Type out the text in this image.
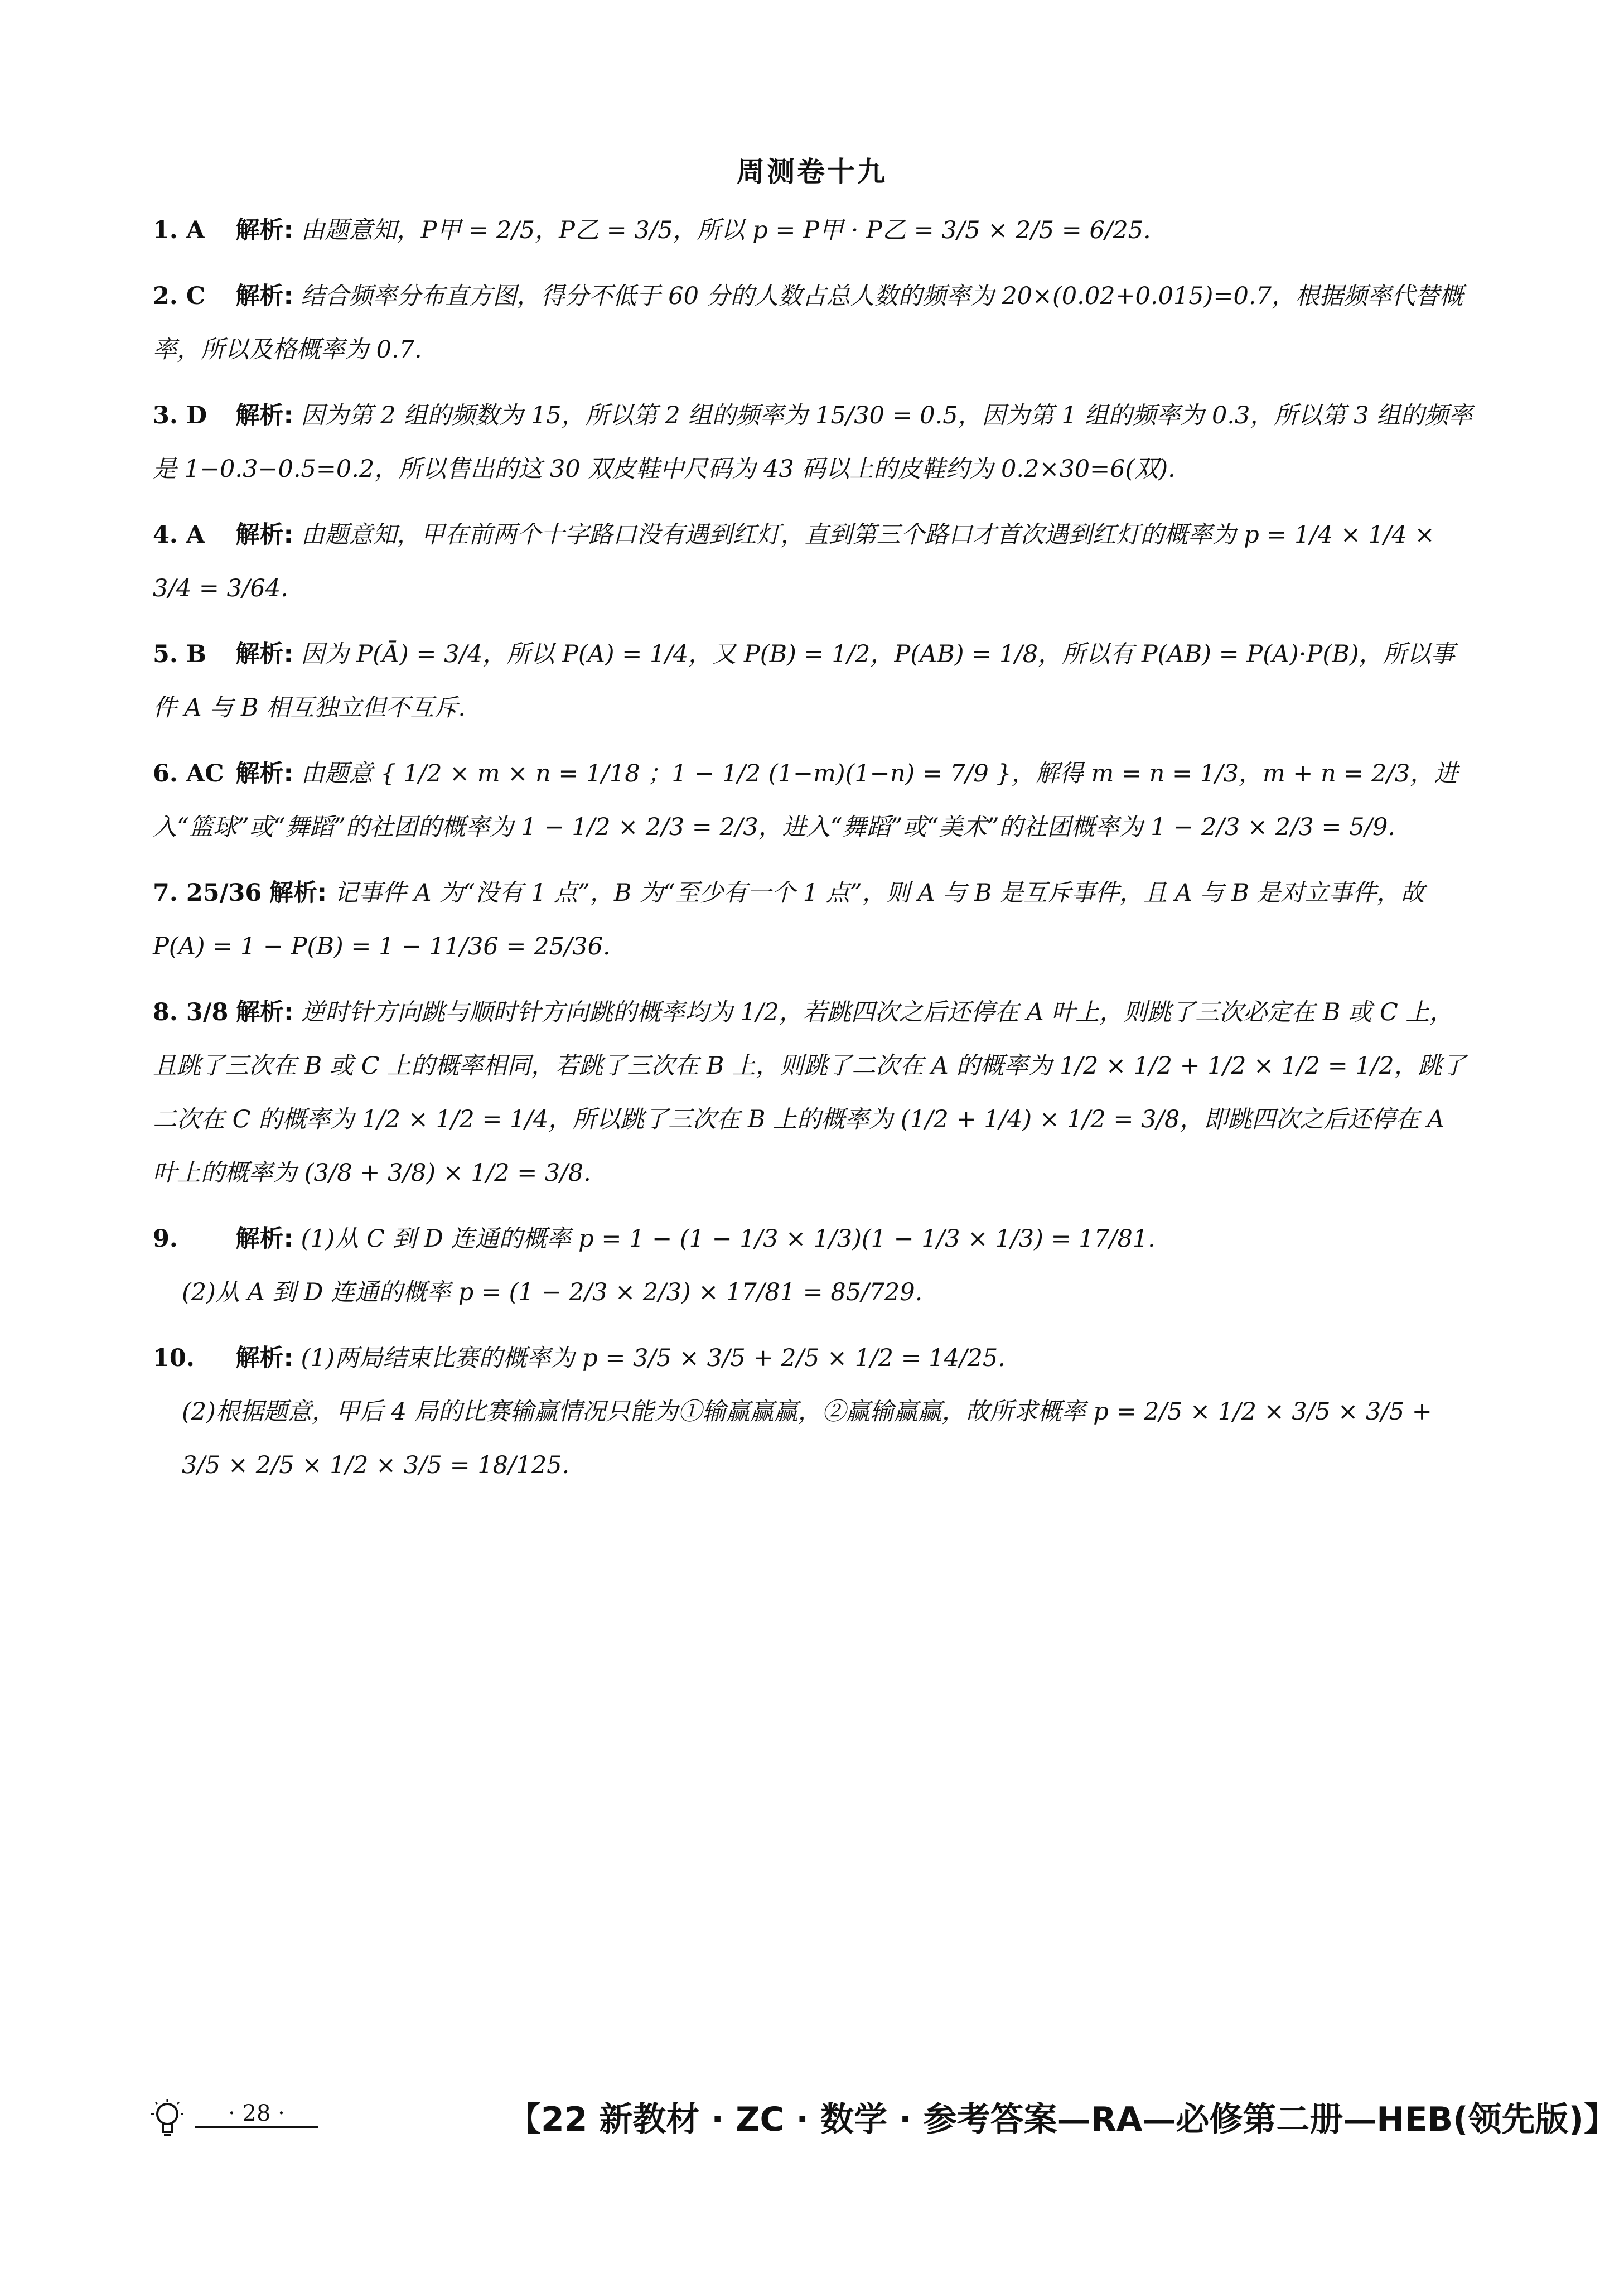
周测卷十九
1. A 解析: 由题意知，P甲 = 2/5，P乙 = 3/5，所以 p = P甲 · P乙 = 3/5 × 2/5 = 6/25.
2. C 解析: 结合频率分布直方图，得分不低于 60 分的人数占总人数的频率为 20×(0.02+0.015)=0.7，根据频率代替概率，所以及格概率为 0.7.
3. D 解析: 因为第 2 组的频数为 15，所以第 2 组的频率为 15/30 = 0.5，因为第 1 组的频率为 0.3，所以第 3 组的频率是 1−0.3−0.5=0.2，所以售出的这 30 双皮鞋中尺码为 43 码以上的皮鞋约为 0.2×30=6(双).
4. A 解析: 由题意知，甲在前两个十字路口没有遇到红灯，直到第三个路口才首次遇到红灯的概率为 p = 1/4 × 1/4 × 3/4 = 3/64.
5. B 解析: 因为 P(Ā) = 3/4，所以 P(A) = 1/4，又 P(B) = 1/2，P(AB) = 1/8，所以有 P(AB) = P(A)·P(B)，所以事件 A 与 B 相互独立但不互斥.
6. AC 解析: 由题意 { 1/2 × m × n = 1/18 ；1 − 1/2 (1−m)(1−n) = 7/9 }，解得 m = n = 1/3，m + n = 2/3，进入“篮球”或“舞蹈”的社团的概率为 1 − 1/2 × 2/3 = 2/3，进入“舞蹈”或“美术”的社团概率为 1 − 2/3 × 2/3 = 5/9.
7. 25/36 解析: 记事件 A 为“没有 1 点”，B 为“至少有一个 1 点”，则 A 与 B 是互斥事件，且 A 与 B 是对立事件，故 P(A) = 1 − P(B) = 1 − 11/36 = 25/36.
8. 3/8 解析: 逆时针方向跳与顺时针方向跳的概率均为 1/2，若跳四次之后还停在 A 叶上，则跳了三次必定在 B 或 C 上，且跳了三次在 B 或 C 上的概率相同，若跳了三次在 B 上，则跳了二次在 A 的概率为 1/2 × 1/2 + 1/2 × 1/2 = 1/2，跳了二次在 C 的概率为 1/2 × 1/2 = 1/4，所以跳了三次在 B 上的概率为 (1/2 + 1/4) × 1/2 = 3/8，即跳四次之后还停在 A 叶上的概率为 (3/8 + 3/8) × 1/2 = 3/8.
9. 解析: (1)从 C 到 D 连通的概率 p = 1 − (1 − 1/3 × 1/3)(1 − 1/3 × 1/3) = 17/81.
(2)从 A 到 D 连通的概率 p = (1 − 2/3 × 2/3) × 17/81 = 85/729.
10. 解析: (1)两局结束比赛的概率为 p = 3/5 × 3/5 + 2/5 × 1/2 = 14/25.
(2)根据题意，甲后 4 局的比赛输赢情况只能为①输赢赢赢，②赢输赢赢，故所求概率 p = 2/5 × 1/2 × 3/5 × 3/5 + 3/5 × 2/5 × 1/2 × 3/5 = 18/125.
· 28 ·	【22 新教材 · ZC · 数学 · 参考答案—RA—必修第二册—HEB(领先版)】
